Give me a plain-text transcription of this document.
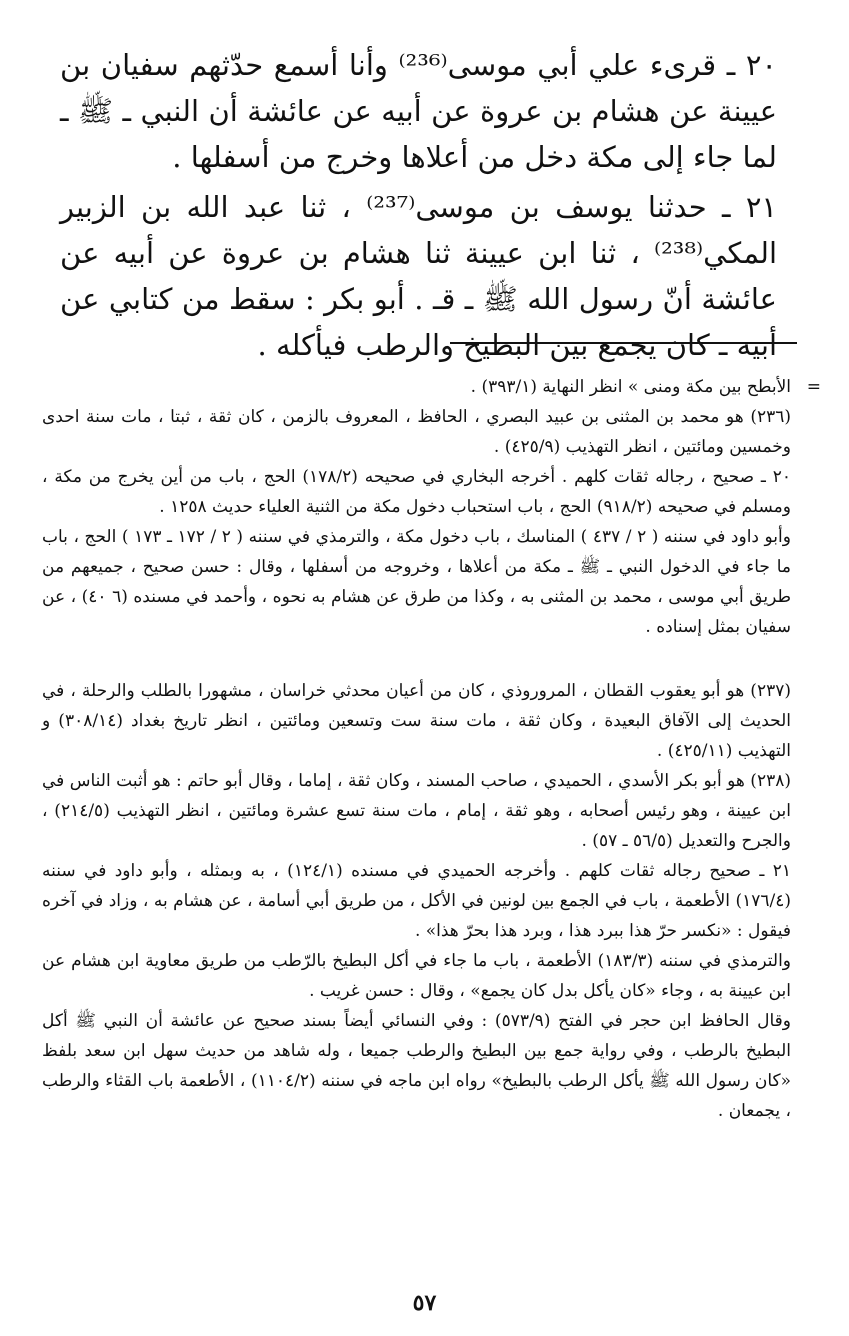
٢٠ ـ قرىء علي أبي موسى⁽²³⁶⁾ وأنا أسمع حدّثهم سفيان بن عيينة عن هشام بن عروة عن أبيه عن عائشة أن النبي ـ ﷺ ـ لما جاء إلى مكة دخل من أعلاها وخرج من أسفلها .

٢١ ـ حدثنا يوسف بن موسى⁽²³⁷⁾ ، ثنا عبد الله بن الزبير المكي⁽²³⁸⁾ ، ثنا ابن عيينة ثنا هشام بن عروة عن أبيه عن عائشة أنّ رسول الله ﷺ ـ قـ . أبو بكر : سقط من كتابي عن أبيه ـ كان يجمع بين البطيخ والرطب فيأكله .

=
الأبطح بين مكة ومنى » انظر النهاية (٣٩٣/١) .

(٢٣٦) هو محمد بن المثنى بن عبيد البصري ، الحافظ ، المعروف بالزمن ، كان ثقة ، ثبتا ، مات سنة احدى وخمسين ومائتين ، انظر التهذيب (٤٢٥/٩) .

٢٠ ـ صحيح ، رجاله ثقات كلهم . أخرجه البخاري في صحيحه (١٧٨/٢) الحج ، باب من أين يخرج من مكة ، ومسلم في صحيحه (٩١٨/٢) الحج ، باب استحباب دخول مكة من الثنية العلياء حديث ١٢٥٨ .

وأبو داود في سننه ( ٢ / ٤٣٧ ) المناسك ، باب دخول مكة ، والترمذي في سننه ( ٢ / ١٧٢ ـ ١٧٣ ) الحج ، باب ما جاء في الدخول النبي ـ ﷺ ـ مكة من أعلاها ، وخروجه من أسفلها ، وقال : حسن صحيح ، جميعهم من طريق أبي موسى ، محمد بن المثنى به ، وكذا من طرق عن هشام به نحوه ، وأحمد في مسنده (٦ ٤٠) ، عن سفيان بمثل إسناده .

(٢٣٧) هو أبو يعقوب القطان ، المروروذي ، كان من أعيان محدثي خراسان ، مشهورا بالطلب والرحلة ، في الحديث إلى الآفاق البعيدة ، وكان ثقة ، مات سنة ست وتسعين ومائتين ، انظر تاريخ بغداد (٣٠٨/١٤) و التهذيب (٤٢٥/١١) .

(٢٣٨) هو أبو بكر الأسدي ، الحميدي ، صاحب المسند ، وكان ثقة ، إماما ، وقال أبو حاتم : هو أثبت الناس في ابن عيينة ، وهو رئيس أصحابه ، وهو ثقة ، إمام ، مات سنة تسع عشرة ومائتين ، انظر التهذيب (٢١٤/٥) ، والجرح والتعديل (٥٦/٥ ـ ٥٧) .

٢١ ـ صحيح رجاله ثقات كلهم . وأخرجه الحميدي في مسنده (١٢٤/١) ، به وبمثله ، وأبو داود في سننه (١٧٦/٤) الأطعمة ، باب في الجمع بين لونين في الأكل ، من طريق أبي أسامة ، عن هشام به ، وزاد في آخره فيقول : «نكسر حرّ هذا ببرد هذا ، وبرد هذا بحرّ هذا» .

والترمذي في سننه (١٨٣/٣) الأطعمة ، باب ما جاء في أكل البطيخ بالرّطب من طريق معاوية ابن هشام عن ابن عيينة به ، وجاء «كان يأكل بدل كان يجمع» ، وقال : حسن غريب .

وقال الحافظ ابن حجر في الفتح (٥٧٣/٩) : وفي النسائي أيضاً بسند صحيح عن عائشة أن النبي ﷺ أكل البطيخ بالرطب ، وفي رواية جمع بين البطيخ والرطب جميعا ، وله شاهد من حديث سهل ابن سعد بلفظ «كان رسول الله ﷺ يأكل الرطب بالبطيخ» رواه ابن ماجه في سننه (١١٠٤/٢) ، الأطعمة باب القثاء والرطب ، يجمعان .

٥٧
